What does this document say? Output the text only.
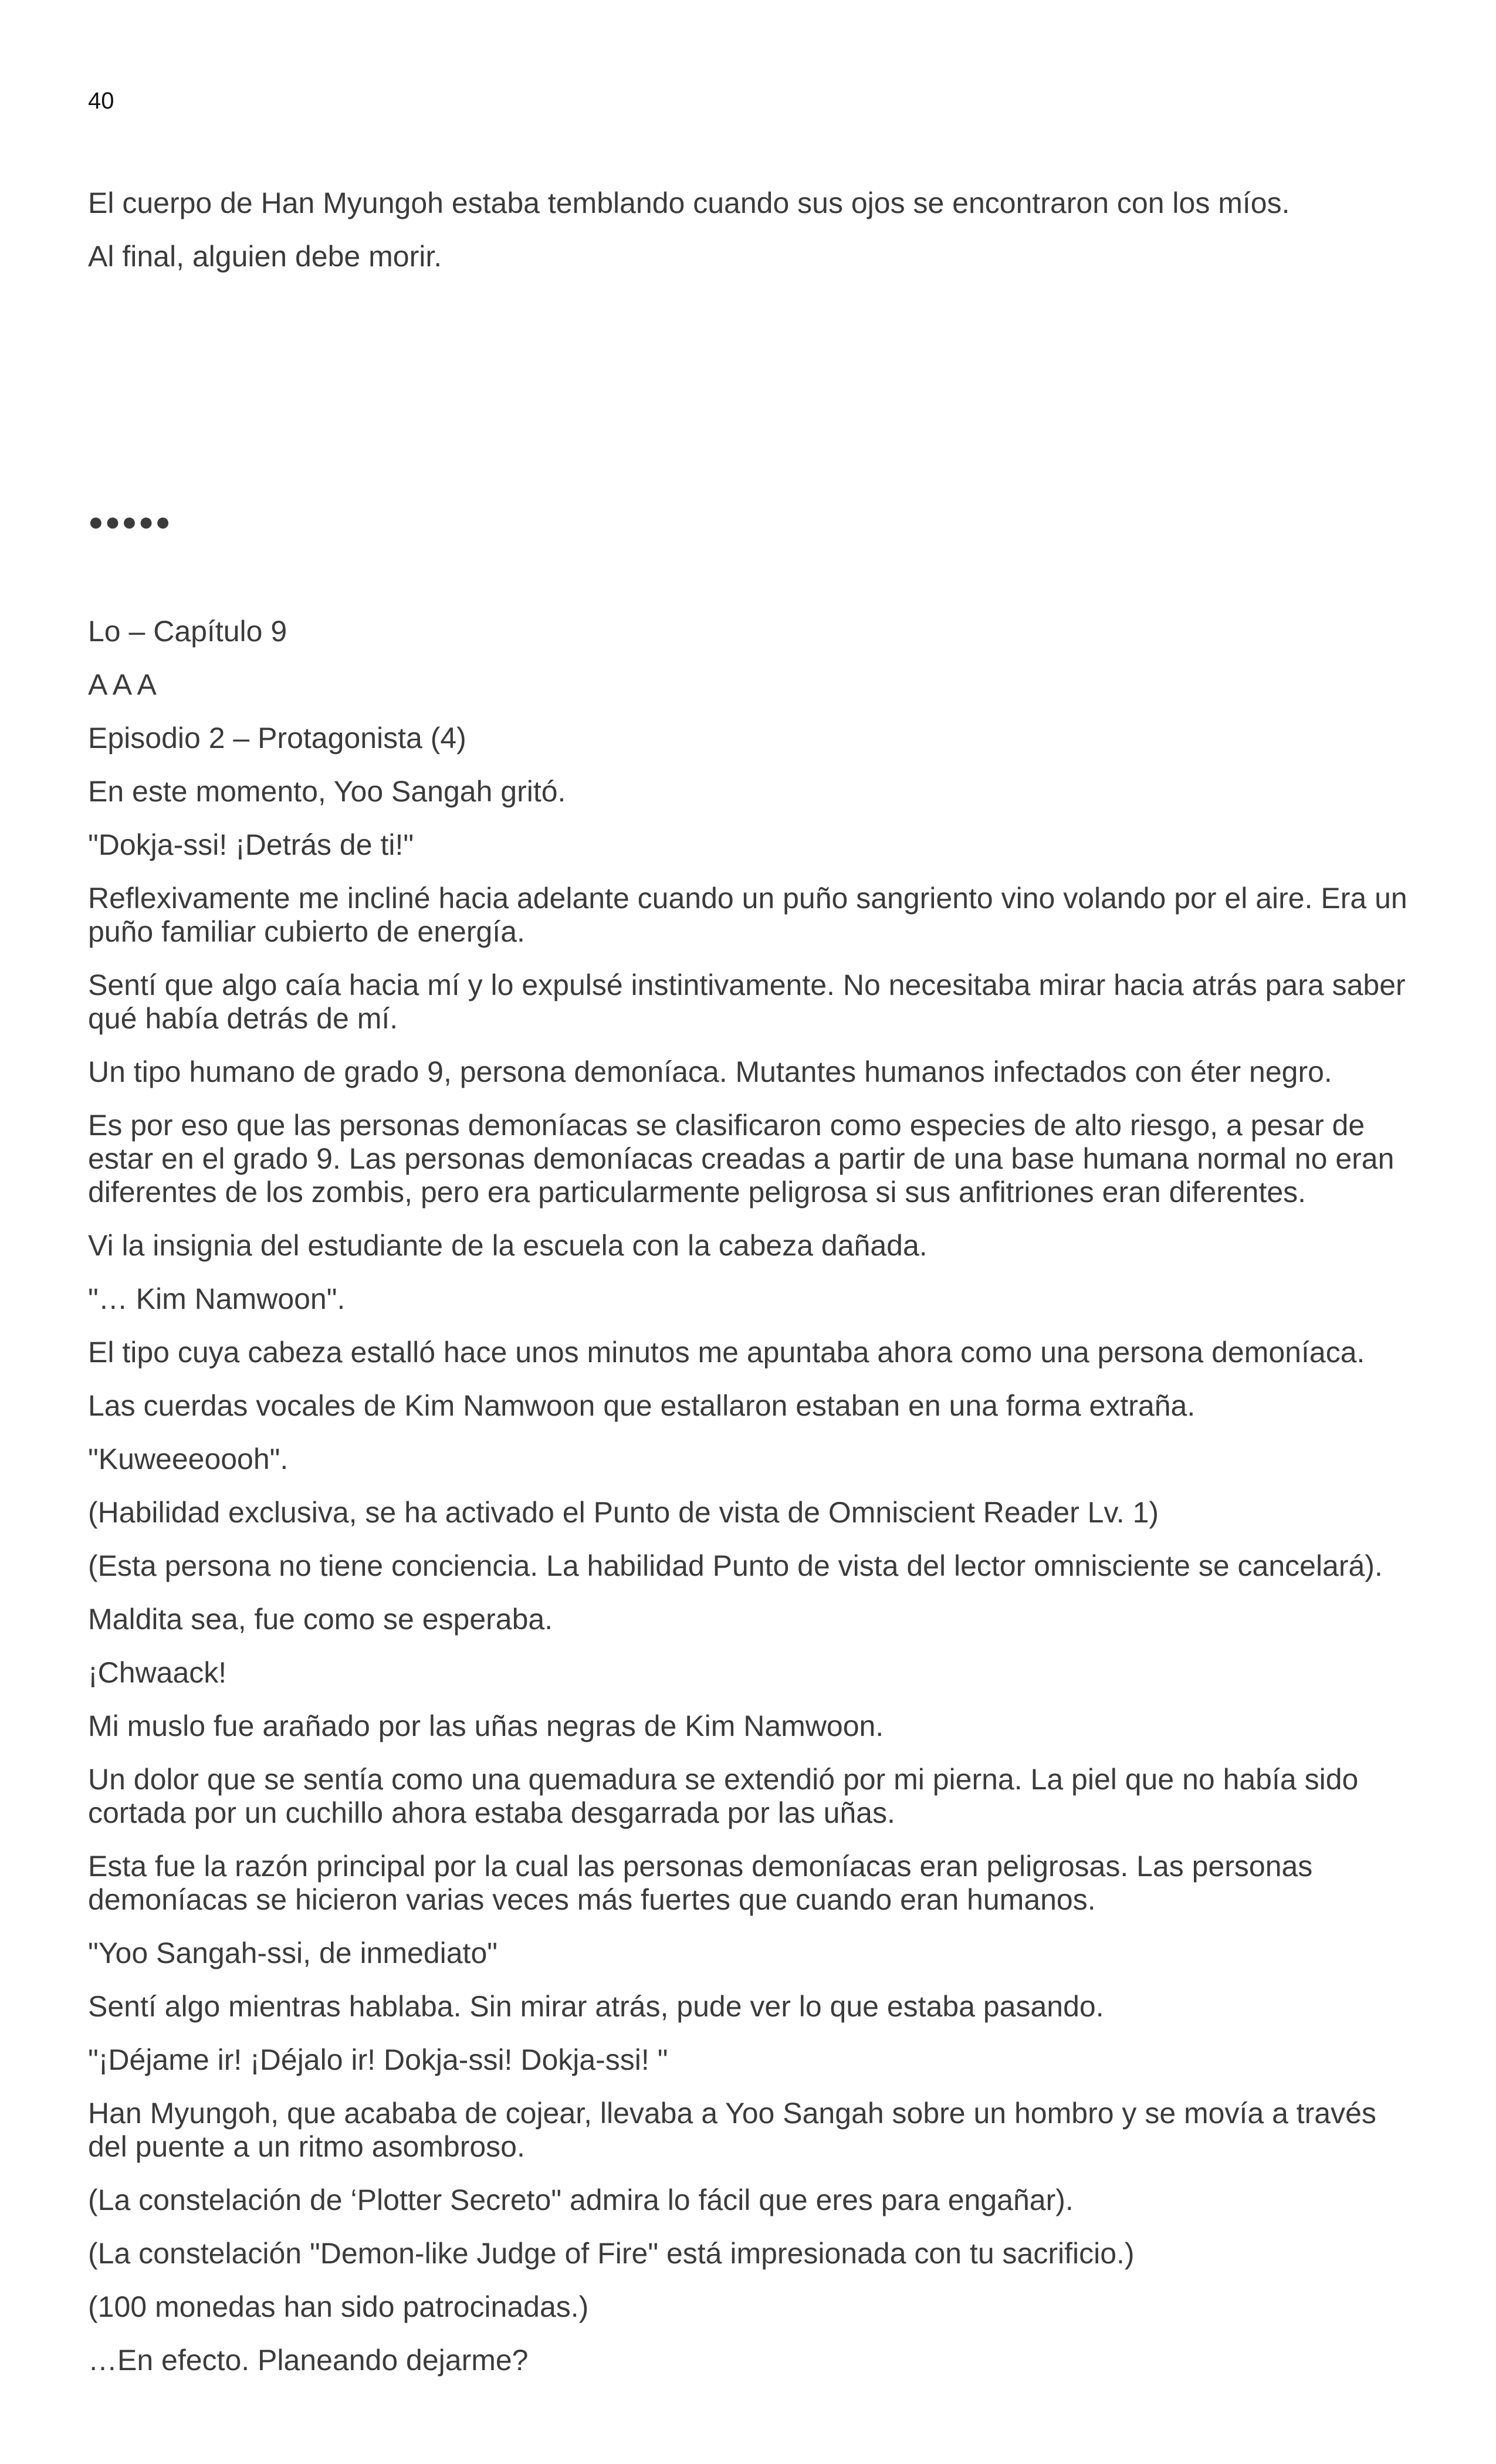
40

El cuerpo de Han Myungoh estaba temblando cuando sus ojos se encontraron con los míos.

Al final, alguien debe morir.

●●●●●

Lo – Capítulo 9

A A A

Episodio 2 – Protagonista (4)

En este momento, Yoo Sangah gritó.

"Dokja-ssi! ¡Detrás de ti!"

Reflexivamente me incliné hacia adelante cuando un puño sangriento vino volando por el aire. Era un puño familiar cubierto de energía.

Sentí que algo caía hacia mí y lo expulsé instintivamente. No necesitaba mirar hacia atrás para saber qué había detrás de mí.

Un tipo humano de grado 9, persona demoníaca. Mutantes humanos infectados con éter negro.

Es por eso que las personas demoníacas se clasificaron como especies de alto riesgo, a pesar de estar en el grado 9. Las personas demoníacas creadas a partir de una base humana normal no eran diferentes de los zombis, pero era particularmente peligrosa si sus anfitriones eran diferentes.

Vi la insignia del estudiante de la escuela con la cabeza dañada.

"… Kim Namwoon".

El tipo cuya cabeza estalló hace unos minutos me apuntaba ahora como una persona demoníaca.

Las cuerdas vocales de Kim Namwoon que estallaron estaban en una forma extraña.

"Kuweeeoooh".

(Habilidad exclusiva, se ha activado el Punto de vista de Omniscient Reader Lv. 1)

(Esta persona no tiene conciencia. La habilidad Punto de vista del lector omnisciente se cancelará).

Maldita sea, fue como se esperaba.

¡Chwaack!

Mi muslo fue arañado por las uñas negras de Kim Namwoon.

Un dolor que se sentía como una quemadura se extendió por mi pierna. La piel que no había sido cortada por un cuchillo ahora estaba desgarrada por las uñas.

Esta fue la razón principal por la cual las personas demoníacas eran peligrosas. Las personas demoníacas se hicieron varias veces más fuertes que cuando eran humanos.

"Yoo Sangah-ssi, de inmediato"

Sentí algo mientras hablaba. Sin mirar atrás, pude ver lo que estaba pasando.

"¡Déjame ir! ¡Déjalo ir! Dokja-ssi! Dokja-ssi! "

Han Myungoh, que acababa de cojear, llevaba a Yoo Sangah sobre un hombro y se movía a través del puente a un ritmo asombroso.

(La constelación de ‘Plotter Secreto" admira lo fácil que eres para engañar).

(La constelación "Demon-like Judge of Fire" está impresionada con tu sacrificio.)

(100 monedas han sido patrocinadas.)

…En efecto. Planeando dejarme?
